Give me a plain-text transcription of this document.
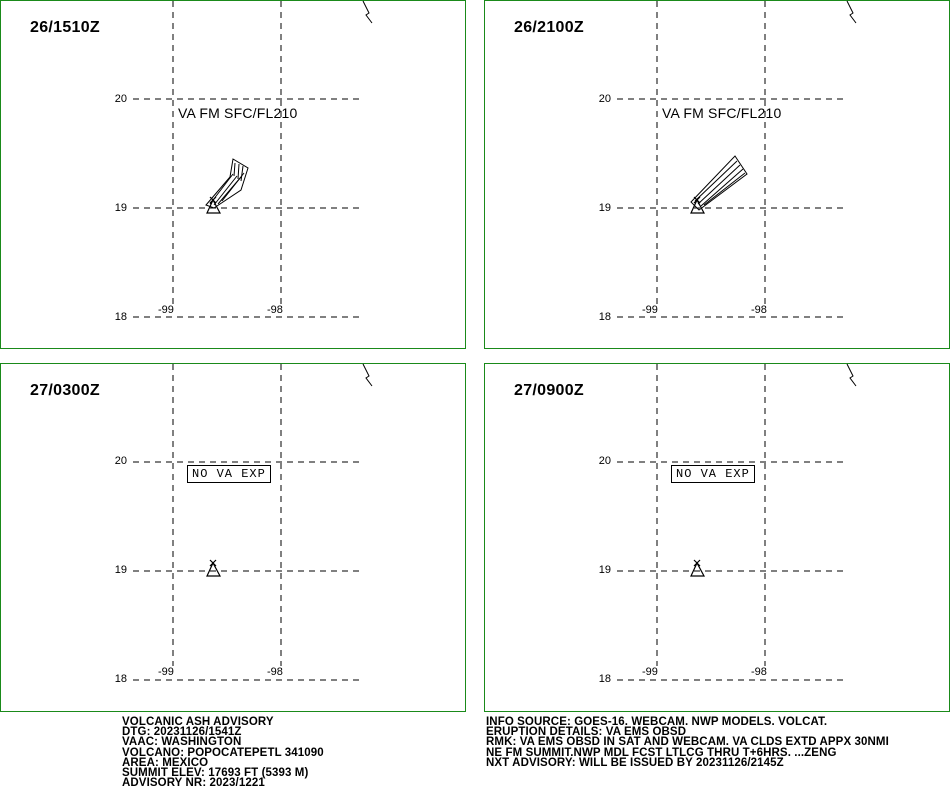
26/1510Z
20
19
18
-99	-98
VA FM SFC/FL210
26/2100Z
20
19
18
-99	-98
VA FM SFC/FL210
27/0300Z
20
19
18
-99	-98
NO VA EXP
27/0900Z
20
19
18
-99	-98
NO VA EXP
VOLCANIC ASH ADVISORY
DTG: 20231126/1541Z
VAAC: WASHINGTON
VOLCANO: POPOCATEPETL 341090
AREA: MEXICO
SUMMIT ELEV: 17693 FT (5393 M)
ADVISORY NR: 2023/1221
INFO SOURCE: GOES-16. WEBCAM. NWP MODELS. VOLCAT.
ERUPTION DETAILS: VA EMS OBSD
RMK: VA EMS OBSD IN SAT AND WEBCAM. VA CLDS EXTD APPX 30NMI
NE FM SUMMIT.NWP MDL FCST LTLCG THRU T+6HRS. ...ZENG
NXT ADVISORY: WILL BE ISSUED BY 20231126/2145Z
